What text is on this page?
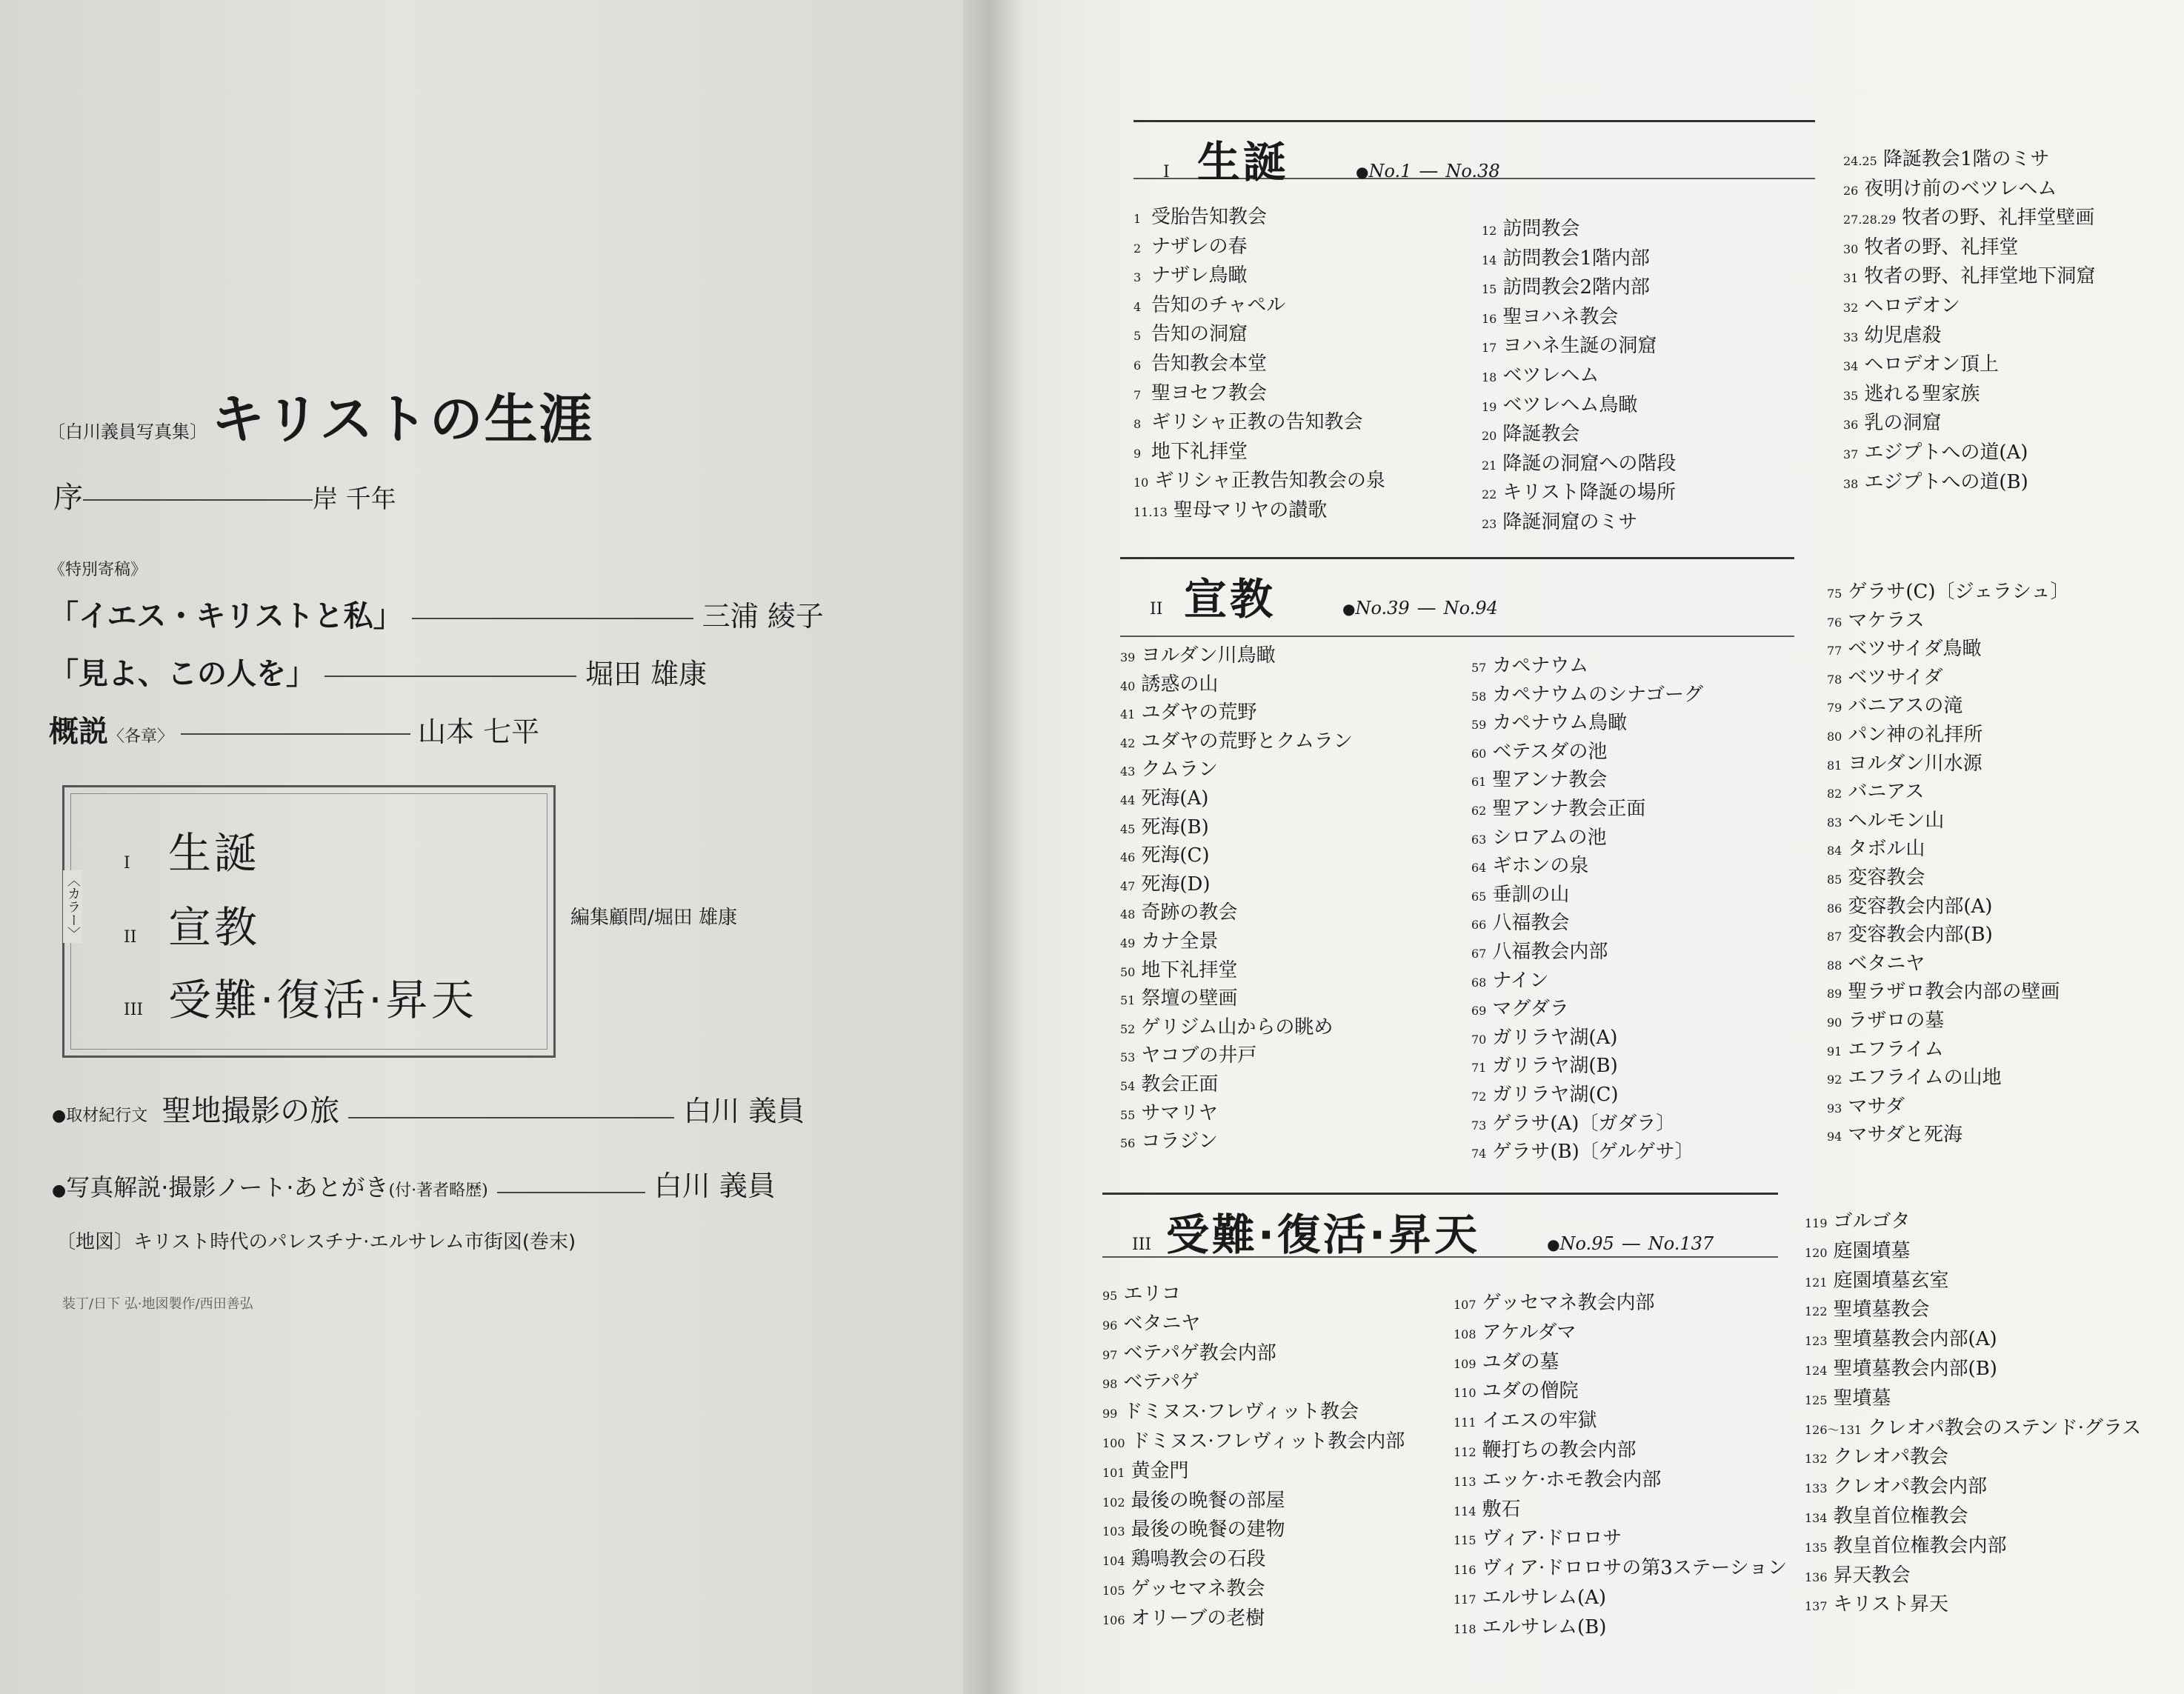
〔白川義員写真集〕 キリストの生涯
序	岸 千年
《特別寄稿》
「イエス・キリストと私」	三浦 綾子
「見よ、この人を」	堀田 雄康
概説〈各章〉	山本 七平
〈カラー〉
I 生誕
II 宣教
III 受難·復活·昇天
編集顧問/堀田 雄康
●取材紀行文 聖地撮影の旅	白川 義員
●写真解説·撮影ノート·あとがき(付·著者略歴)	白川 義員
〔地図〕キリスト時代のパレスチナ·エルサレム市街図(巻末)
装丁/日下 弘·地図製作/西田善弘
I 生誕	●No.1 — No.38
1 受胎告知教会
2 ナザレの春
3 ナザレ鳥瞰
4 告知のチャペル
5 告知の洞窟
6 告知教会本堂
7 聖ヨセフ教会
8 ギリシャ正教の告知教会
9 地下礼拝堂
10 ギリシャ正教告知教会の泉
11.13 聖母マリヤの讃歌
12 訪問教会
14 訪問教会1階内部
15 訪問教会2階内部
16 聖ヨハネ教会
17 ヨハネ生誕の洞窟
18 ベツレヘム
19 ベツレヘム鳥瞰
20 降誕教会
21 降誕の洞窟への階段
22 キリスト降誕の場所
23 降誕洞窟のミサ
24.25 降誕教会1階のミサ
26 夜明け前のベツレヘム
27.28.29 牧者の野、礼拝堂壁画
30 牧者の野、礼拝堂
31 牧者の野、礼拝堂地下洞窟
32 ヘロデオン
33 幼児虐殺
34 ヘロデオン頂上
35 逃れる聖家族
36 乳の洞窟
37 エジプトへの道(A)
38 エジプトへの道(B)
II 宣教	●No.39 — No.94
39 ヨルダン川鳥瞰
40 誘惑の山
41 ユダヤの荒野
42 ユダヤの荒野とクムラン
43 クムラン
44 死海(A)
45 死海(B)
46 死海(C)
47 死海(D)
48 奇跡の教会
49 カナ全景
50 地下礼拝堂
51 祭壇の壁画
52 ゲリジム山からの眺め
53 ヤコブの井戸
54 教会正面
55 サマリヤ
56 コラジン
57 カペナウム
58 カペナウムのシナゴーグ
59 カペナウム鳥瞰
60 ベテスダの池
61 聖アンナ教会
62 聖アンナ教会正面
63 シロアムの池
64 ギホンの泉
65 垂訓の山
66 八福教会
67 八福教会内部
68 ナイン
69 マグダラ
70 ガリラヤ湖(A)
71 ガリラヤ湖(B)
72 ガリラヤ湖(C)
73 ゲラサ(A)〔ガダラ〕
74 ゲラサ(B)〔ゲルゲサ〕
75 ゲラサ(C)〔ジェラシュ〕
76 マケラス
77 ベツサイダ鳥瞰
78 ベツサイダ
79 バニアスの滝
80 パン神の礼拝所
81 ヨルダン川水源
82 バニアス
83 ヘルモン山
84 タボル山
85 変容教会
86 変容教会内部(A)
87 変容教会内部(B)
88 ベタニヤ
89 聖ラザロ教会内部の壁画
90 ラザロの墓
91 エフライム
92 エフライムの山地
93 マサダ
94 マサダと死海
III 受難·復活·昇天	●No.95 — No.137
95 エリコ
96 ベタニヤ
97 ベテパゲ教会内部
98 ベテパゲ
99 ドミヌス·フレヴィット教会
100 ドミヌス·フレヴィット教会内部
101 黄金門
102 最後の晩餐の部屋
103 最後の晩餐の建物
104 鶏鳴教会の石段
105 ゲッセマネ教会
106 オリーブの老樹
107 ゲッセマネ教会内部
108 アケルダマ
109 ユダの墓
110 ユダの僧院
111 イエスの牢獄
112 鞭打ちの教会内部
113 エッケ·ホモ教会内部
114 敷石
115 ヴィア·ドロロサ
116 ヴィア·ドロロサの第3ステーション
117 エルサレム(A)
118 エルサレム(B)
119 ゴルゴタ
120 庭園墳墓
121 庭園墳墓玄室
122 聖墳墓教会
123 聖墳墓教会内部(A)
124 聖墳墓教会内部(B)
125 聖墳墓
126〜131 クレオパ教会のステンド·グラス
132 クレオパ教会
133 クレオパ教会内部
134 教皇首位権教会
135 教皇首位権教会内部
136 昇天教会
137 キリスト昇天
